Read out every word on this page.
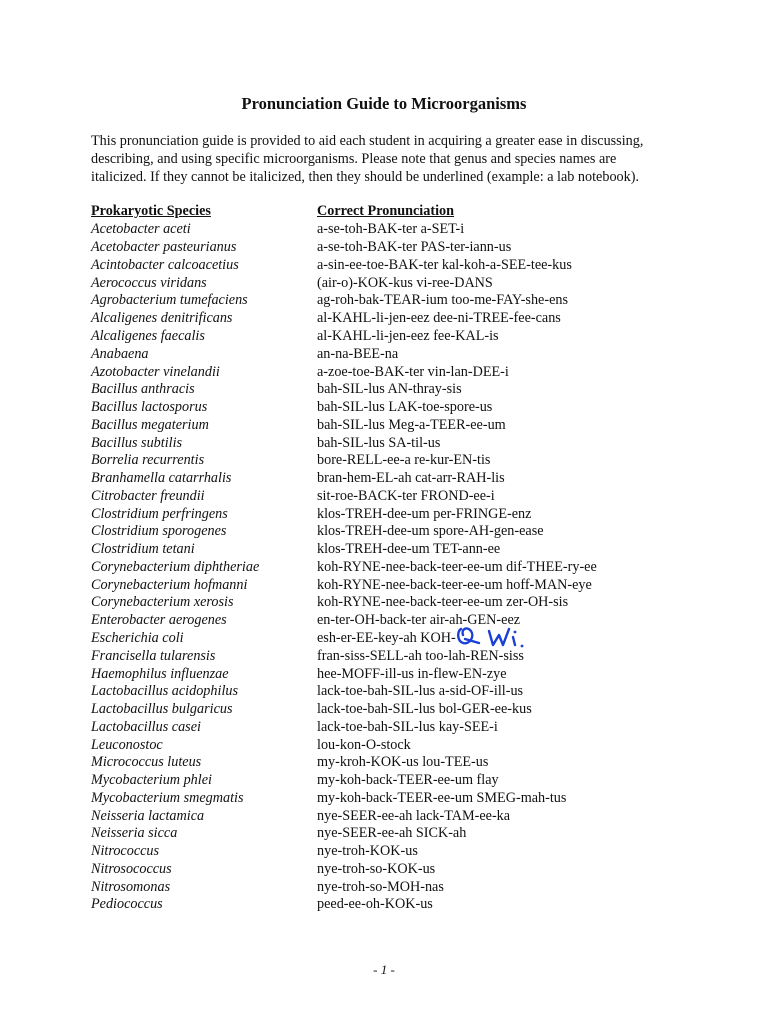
Pronunciation Guide to Microorganisms
This pronunciation guide is provided to aid each student in acquiring a greater ease in discussing,
describing, and using specific microorganisms. Please note that genus and species names are
italicized. If they cannot be italicized, then they should be underlined (example: a lab notebook).
Prokaryotic Species	Correct Pronunciation
Acetobacter aceti	a-se-toh-BAK-ter a-SET-i
Acetobacter pasteurianus	a-se-toh-BAK-ter PAS-ter-iann-us
Acintobacter calcoacetius	a-sin-ee-toe-BAK-ter kal-koh-a-SEE-tee-kus
Aerococcus viridans	(air-o)-KOK-kus vi-ree-DANS
Agrobacterium tumefaciens	ag-roh-bak-TEAR-ium too-me-FAY-she-ens
Alcaligenes denitrificans	al-KAHL-li-jen-eez dee-ni-TREE-fee-cans
Alcaligenes faecalis	al-KAHL-li-jen-eez fee-KAL-is
Anabaena	an-na-BEE-na
Azotobacter vinelandii	a-zoe-toe-BAK-ter vin-lan-DEE-i
Bacillus anthracis	bah-SIL-lus AN-thray-sis
Bacillus lactosporus	bah-SIL-lus LAK-toe-spore-us
Bacillus megaterium	bah-SIL-lus Meg-a-TEER-ee-um
Bacillus subtilis	bah-SIL-lus SA-til-us
Borrelia recurrentis	bore-RELL-ee-a re-kur-EN-tis
Branhamella catarrhalis	bran-hem-EL-ah cat-arr-RAH-lis
Citrobacter freundii	sit-roe-BACK-ter FROND-ee-i
Clostridium perfringens	klos-TREH-dee-um per-FRINGE-enz
Clostridium sporogenes	klos-TREH-dee-um spore-AH-gen-ease
Clostridium tetani	klos-TREH-dee-um TET-ann-ee
Corynebacterium diphtheriae	koh-RYNE-nee-back-teer-ee-um dif-THEE-ry-ee
Corynebacterium hofmanni	koh-RYNE-nee-back-teer-ee-um hoff-MAN-eye
Corynebacterium xerosis	koh-RYNE-nee-back-teer-ee-um zer-OH-sis
Enterobacter aerogenes	en-ter-OH-back-ter air-ah-GEN-eez
Escherichia coli	esh-er-EE-key-ah KOH-
Francisella tularensis	fran-siss-SELL-ah too-lah-REN-siss
Haemophilus influenzae	hee-MOFF-ill-us in-flew-EN-zye
Lactobacillus acidophilus	lack-toe-bah-SIL-lus a-sid-OF-ill-us
Lactobacillus bulgaricus	lack-toe-bah-SIL-lus bol-GER-ee-kus
Lactobacillus casei	lack-toe-bah-SIL-lus kay-SEE-i
Leuconostoc	lou-kon-O-stock
Micrococcus luteus	my-kroh-KOK-us lou-TEE-us
Mycobacterium phlei	my-koh-back-TEER-ee-um flay
Mycobacterium smegmatis	my-koh-back-TEER-ee-um SMEG-mah-tus
Neisseria lactamica	nye-SEER-ee-ah lack-TAM-ee-ka
Neisseria sicca	nye-SEER-ee-ah SICK-ah
Nitrococcus	nye-troh-KOK-us
Nitrosococcus	nye-troh-so-KOK-us
Nitrosomonas	nye-troh-so-MOH-nas
Pediococcus	peed-ee-oh-KOK-us
- 1 -
